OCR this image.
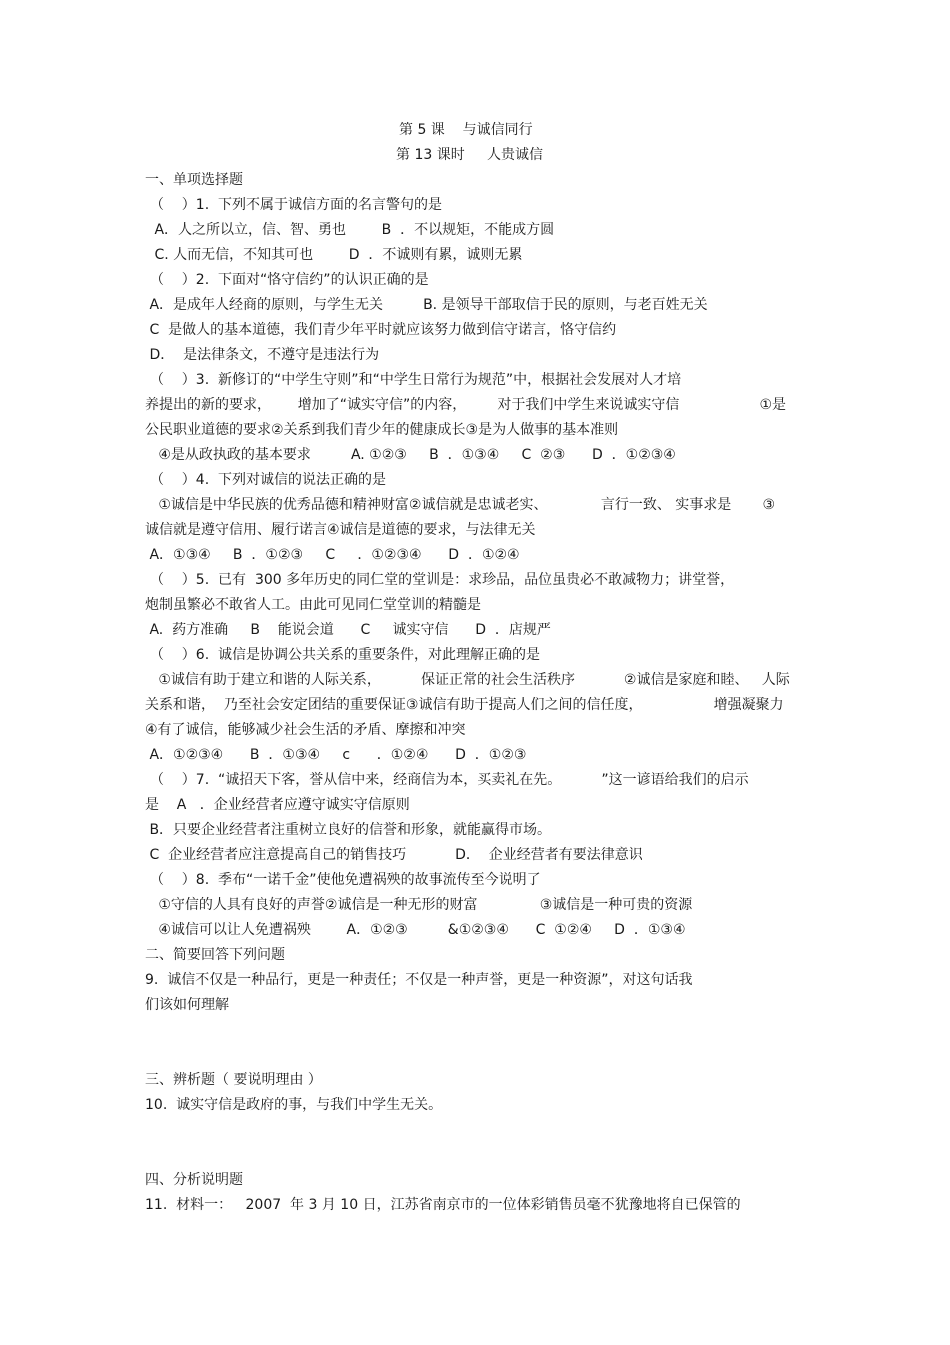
第 5 课    与诚信同行

第 13 课时     人贵诚信

一、单项选择题

（    ）1.  下列不属于诚信方面的名言警句的是

A．人之所以立，信、智、勇也        B  ．不以规矩，不能成方圆

C. 人而无信，不知其可也        D  ．不诚则有累，诚则无累

（    ）2.  下面对“恪守信约”的认识正确的是

A．是成年人经商的原则，与学生无关         B. 是领导干部取信于民的原则，与老百姓无关

C  是做人的基本道德，我们青少年平时就应该努力做到信守诺言，恪守信约

D．  是法律条文，不遵守是违法行为

（    ）3.  新修订的“中学生守则”和“中学生日常行为规范”中，根据社会发展对人才培

养提出的新的要求，      增加了“诚实守信”的内容，       对于我们中学生来说诚实守信                  ①是

公民职业道德的要求②关系到我们青少年的健康成长③是为人做事的基本准则

④是从政执政的基本要求         A. ①②③     B  ．①③④     C  ②③      D  ．①②③④

（    ）4.  下列对诚信的说法正确的是

①诚信是中华民族的优秀品德和精神财富②诚信就是忠诚老实、            言行一致、 实事求是       ③

诚信就是遵守信用、履行诺言④诚信是道德的要求，与法律无关

A．①③④     B  ．①②③     C     ．①②③④      D  ．①②④

（    ）5.  已有  300 多年历史的同仁堂的堂训是：求珍品，品位虽贵必不敢减物力；讲堂誉，

炮制虽繁必不敢省人工。由此可见同仁堂堂训的精髓是

A.  药方准确     B    能说会道      C     诚实守信      D  ．店规严

（    ）6.  诚信是协调公共关系的重要条件，对此理解正确的是

①诚信有助于建立和谐的人际关系，         保证正常的社会生活秩序           ②诚信是家庭和睦、   人际

关系和谐，  乃至社会安定团结的重要保证③诚信有助于提高人们之间的信任度，                增强凝聚力

④有了诚信，能够减少社会生活的矛盾、摩擦和冲突

A．①②③④      B  ．①③④     c      ．①②④      D  ．①②③

（    ）7.  “诚招天下客，誉从信中来，经商信为本，买卖礼在先。         ”这一谚语给我们的启示

是    A   ．企业经营者应遵守诚实守信原则

B．只要企业经营者注重树立良好的信誉和形象，就能赢得市场。

C  企业经营者应注意提高自己的销售技巧           D．  企业经营者有要法律意识

（    ）8.  季布“一诺千金”使他免遭祸殃的故事流传至今说明了

①守信的人具有良好的声誉②诚信是一种无形的财富              ③诚信是一种可贵的资源

④诚信可以让人免遭祸殃        A．①②③         &①②③④      C  ①②④     D  ．①③④

二、简要回答下列问题

9.  诚信不仅是一种品行，更是一种责任；不仅是一种声誉，更是一种资源”，对这句话我

们该如何理解

三、辨析题（ 要说明理由 ）

10.  诚实守信是政府的事，与我们中学生无关。

四、分析说明题

11.  材料一：   2007  年 3 月 10 日，江苏省南京市的一位体彩销售员毫不犹豫地将自已保管的
